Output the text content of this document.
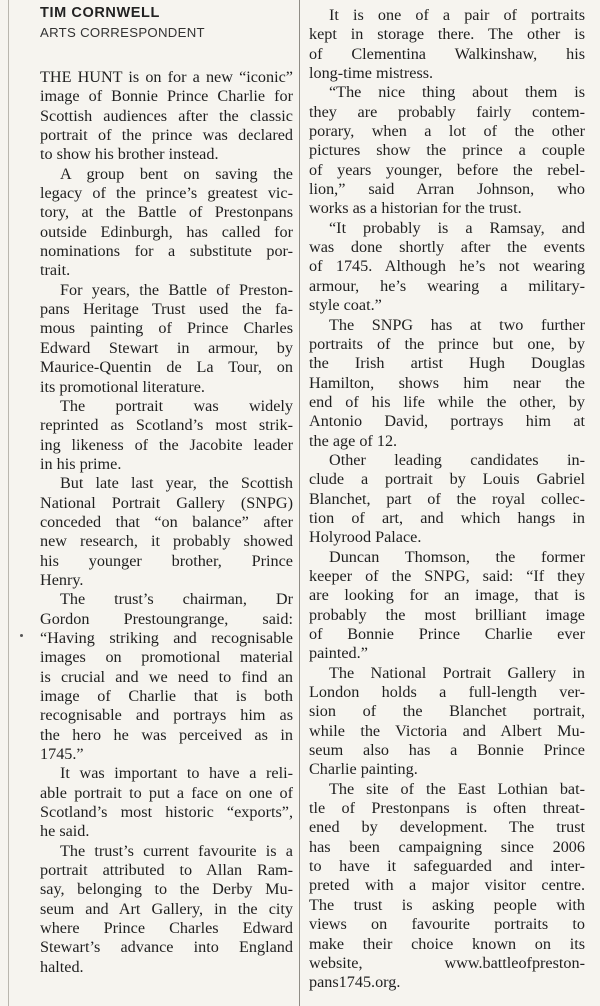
TIM CORNWELL
ARTS CORRESPONDENT

THE HUNT is on for a new “iconic”
image of Bonnie Prince Charlie for
Scottish audiences after the classic
portrait of the prince was declared
to show his brother instead.

A group bent on saving the
legacy of the prince’s greatest vic-
tory, at the Battle of Prestonpans
outside Edinburgh, has called for
nominations for a substitute por-
trait.

For years, the Battle of Preston-
pans Heritage Trust used the fa-
mous painting of Prince Charles
Edward Stewart in armour, by
Maurice-Quentin de La Tour, on
its promotional literature.

The portrait was widely
reprinted as Scotland’s most strik-
ing likeness of the Jacobite leader
in his prime.

But late last year, the Scottish
National Portrait Gallery (SNPG)
conceded that “on balance” after
new research, it probably showed
his younger brother, Prince
Henry.

The trust’s chairman, Dr
Gordon Prestoungrange, said:
“Having striking and recognisable
images on promotional material
is crucial and we need to find an
image of Charlie that is both
recognisable and portrays him as
the hero he was perceived as in
1745.”

It was important to have a reli-
able portrait to put a face on one of
Scotland’s most historic “exports”,
he said.

The trust’s current favourite is a
portrait attributed to Allan Ram-
say, belonging to the Derby Mu-
seum and Art Gallery, in the city
where Prince Charles Edward
Stewart’s advance into England
halted.

It is one of a pair of portraits
kept in storage there. The other is
of Clementina Walkinshaw, his
long-time mistress.

“The nice thing about them is
they are probably fairly contem-
porary, when a lot of the other
pictures show the prince a couple
of years younger, before the rebel-
lion,” said Arran Johnson, who
works as a historian for the trust.

“It probably is a Ramsay, and
was done shortly after the events
of 1745. Although he’s not wearing
armour, he’s wearing a military-
style coat.”

The SNPG has at two further
portraits of the prince but one, by
the Irish artist Hugh Douglas
Hamilton, shows him near the
end of his life while the other, by
Antonio David, portrays him at
the age of 12.

Other leading candidates in-
clude a portrait by Louis Gabriel
Blanchet, part of the royal collec-
tion of art, and which hangs in
Holyrood Palace.

Duncan Thomson, the former
keeper of the SNPG, said: “If they
are looking for an image, that is
probably the most brilliant image
of Bonnie Prince Charlie ever
painted.”

The National Portrait Gallery in
London holds a full-length ver-
sion of the Blanchet portrait,
while the Victoria and Albert Mu-
seum also has a Bonnie Prince
Charlie painting.

The site of the East Lothian bat-
tle of Prestonpans is often threat-
ened by development. The trust
has been campaigning since 2006
to have it safeguarded and inter-
preted with a major visitor centre.
The trust is asking people with
views on favourite portraits to
make their choice known on its
website, www.battleofpreston-
pans1745.org.
